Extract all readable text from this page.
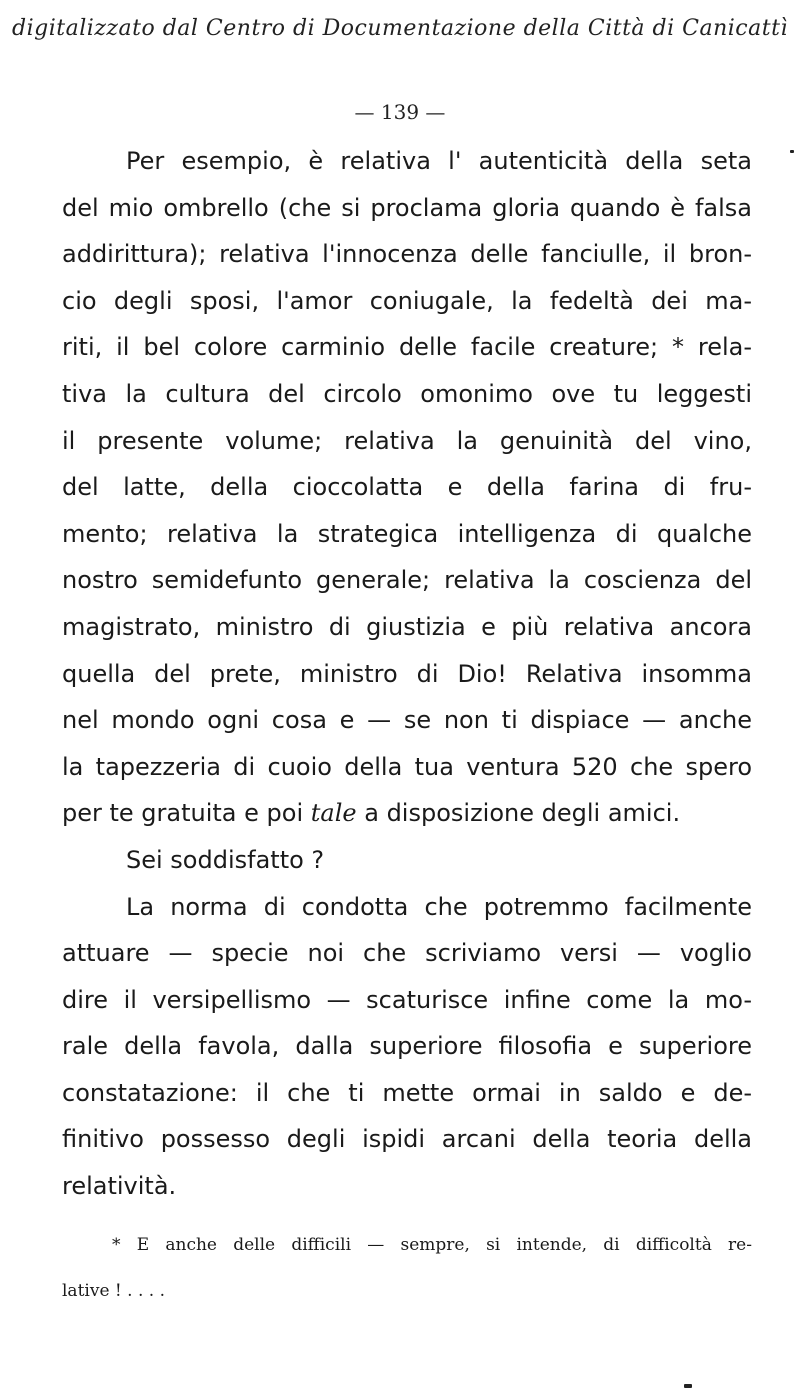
digitalizzato dal Centro di Documentazione della Città di Canicattì
— 139 —
Per esempio, è relativa l' autenticità della seta
del mio ombrello (che si proclama gloria quando è falsa
addirittura); relativa l'innocenza delle fanciulle, il bron-
cio degli sposi, l'amor coniugale, la fedeltà dei ma-
riti, il bel colore carminio delle facile creature; * rela-
tiva la cultura del circolo omonimo ove tu leggesti
il presente volume; relativa la genuinità del vino,
del latte, della cioccolatta e della farina di fru-
mento; relativa la strategica intelligenza di qualche
nostro semidefunto generale; relativa la coscienza del
magistrato, ministro di giustizia e più relativa ancora
quella del prete, ministro di Dio! Relativa insomma
nel mondo ogni cosa e — se non ti dispiace — anche
la tapezzeria di cuoio della tua ventura 520 che spero
per te gratuita e poi tale a disposizione degli amici.
Sei soddisfatto ?
La norma di condotta che potremmo facilmente
attuare — specie noi che scriviamo versi — voglio
dire il versipellismo — scaturisce infine come la mo-
rale della favola, dalla superiore filosofia e superiore
constatazione: il che ti mette ormai in saldo e de-
finitivo possesso degli ispidi arcani della teoria della
relatività.
* E anche delle difficili — sempre, si intende, di difficoltà re-
lative ! . . . .
